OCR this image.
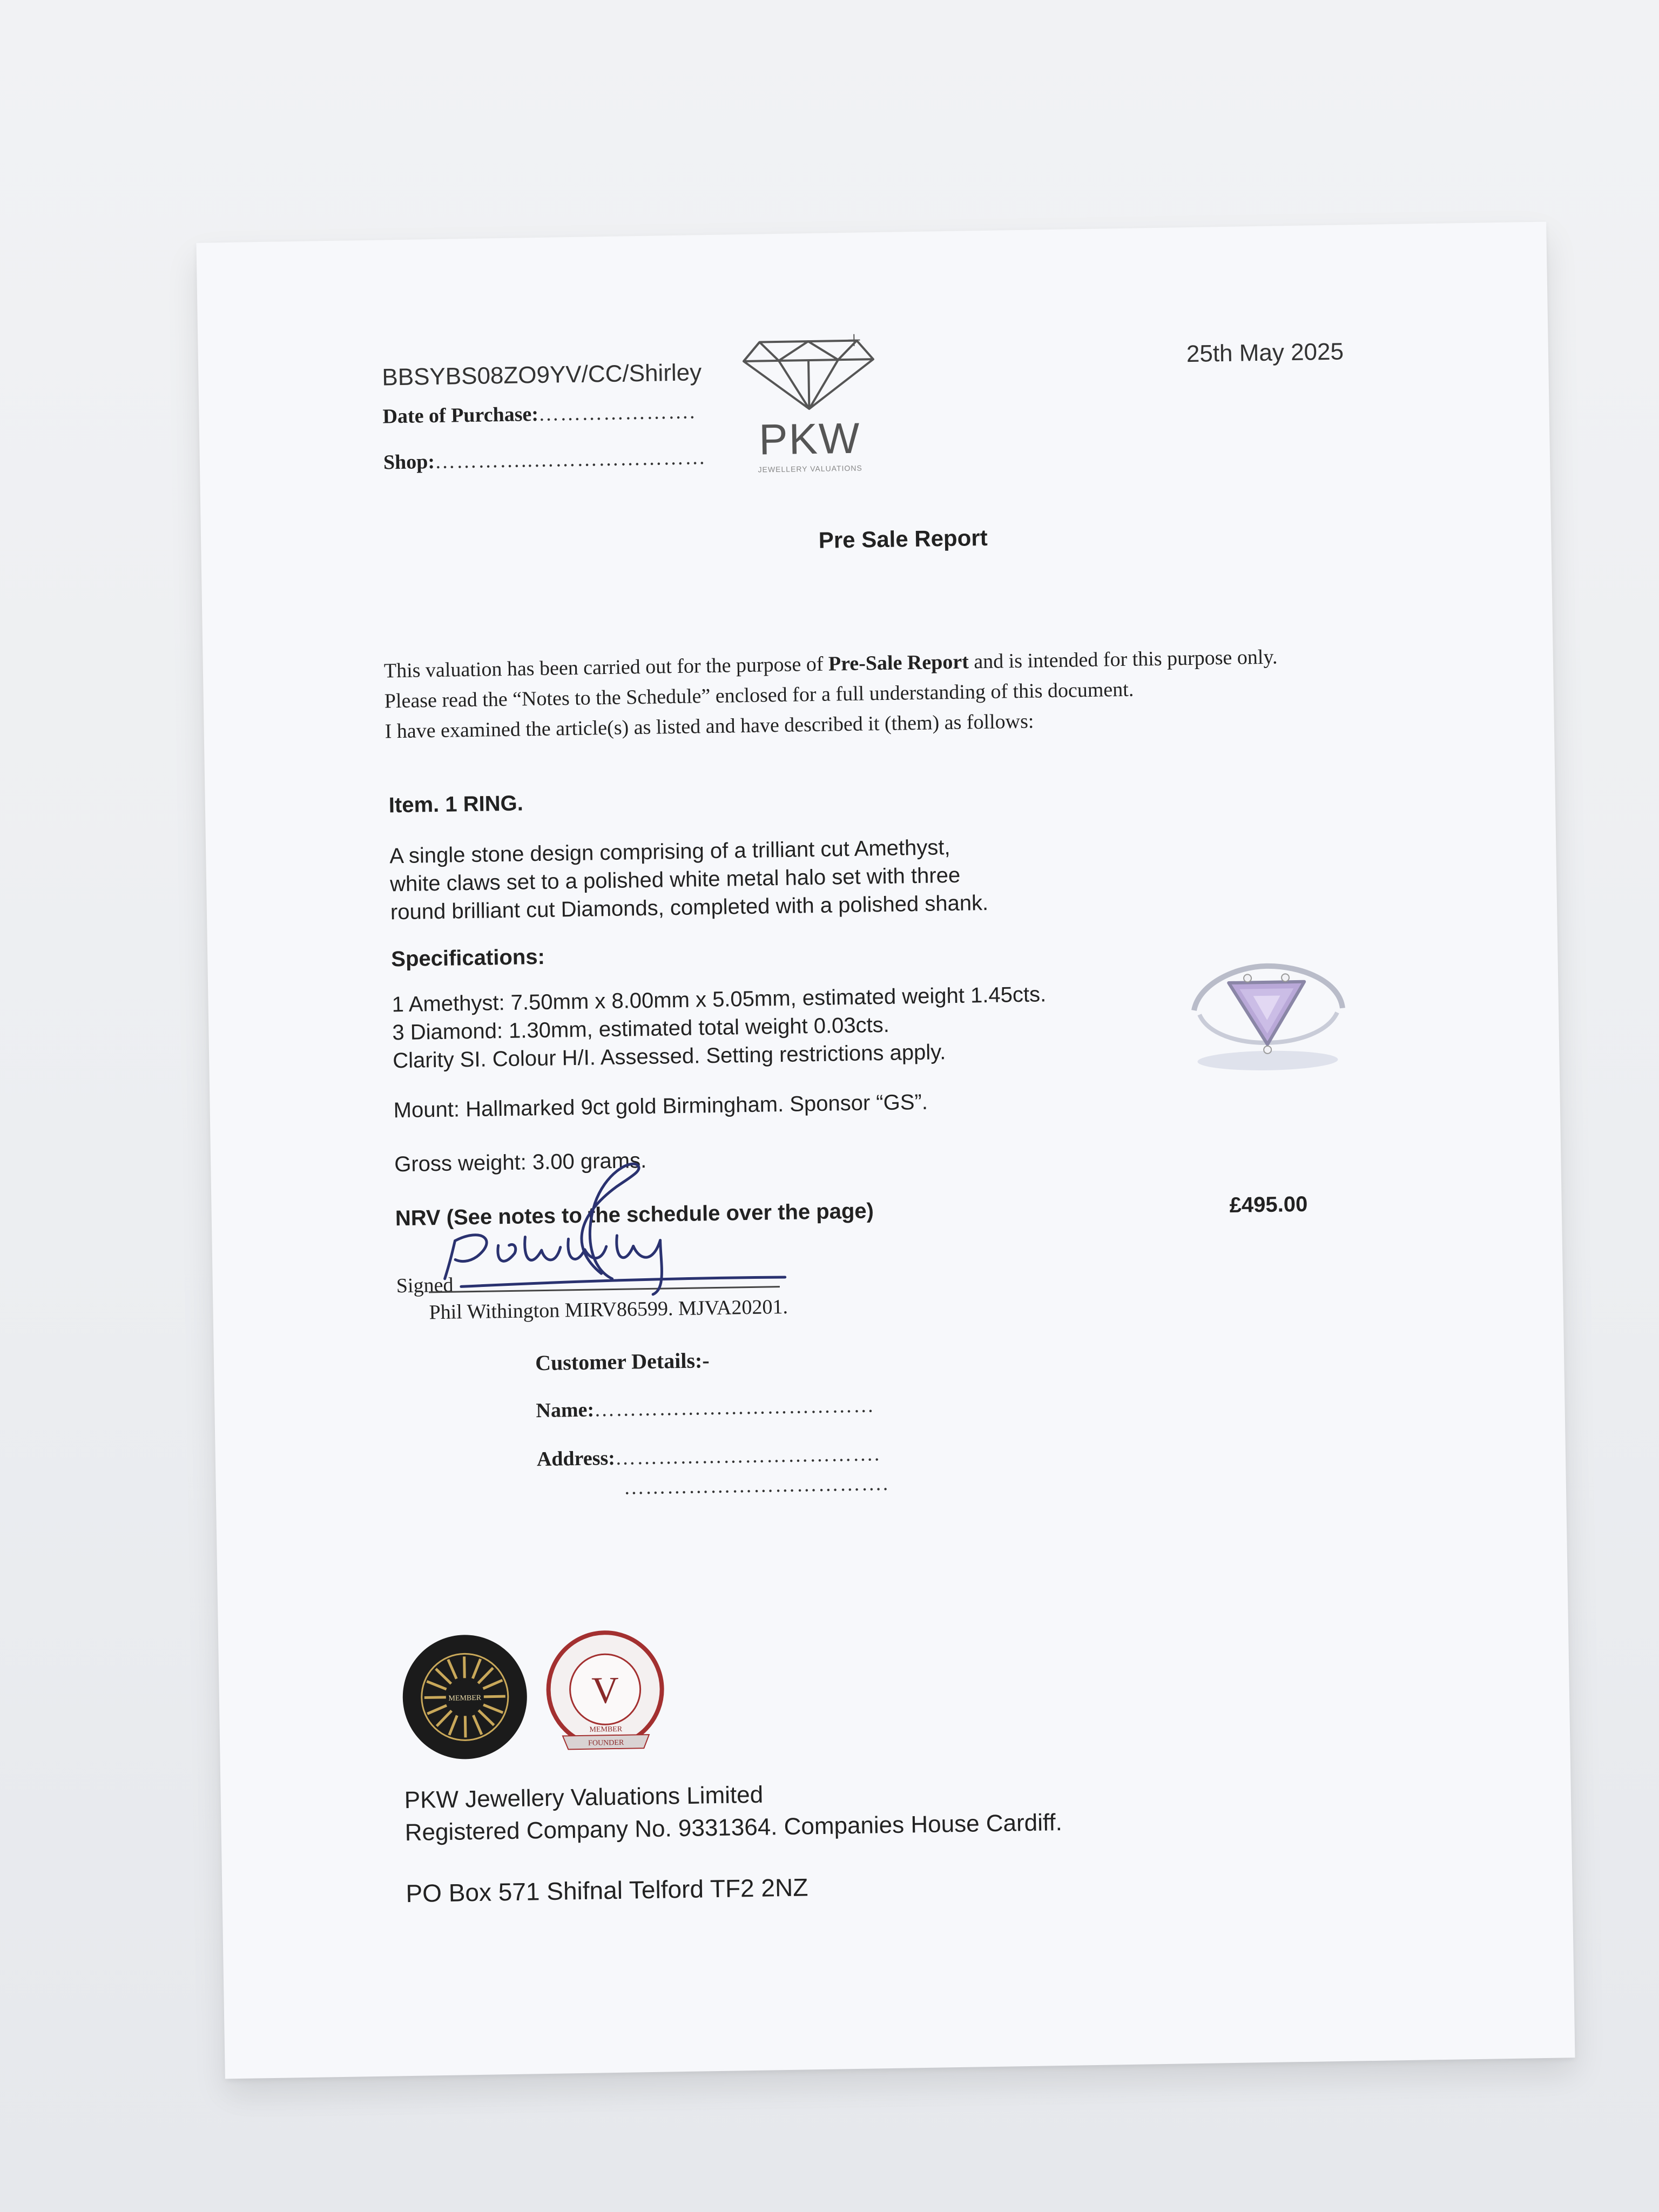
BBSYBS08ZO9YV/CC/Shirley
Date of Purchase:………………….
Shop:…………..……………………	PKW
JEWELLERY VALUATIONS
25th May 2025
Pre Sale Report
This valuation has been carried out for the purpose of Pre-Sale Report and is intended for this purpose only.
Please read the “Notes to the Schedule” enclosed for a full understanding of this document.
I have examined the article(s) as listed and have described it (them) as follows:
Item. 1 RING.
A single stone design comprising of a trilliant cut Amethyst,
white claws set to a polished white metal halo set with three
round brilliant cut Diamonds, completed with a polished shank.
Specifications:
1 Amethyst: 7.50mm x 8.00mm x 5.05mm, estimated weight 1.45cts.
3 Diamond: 1.30mm, estimated total weight 0.03cts.
Clarity SI. Colour H/I. Assessed. Setting restrictions apply.
Mount: Hallmarked 9ct gold Birmingham. Sponsor “GS”.
Gross weight: 3.00 grams.
NRV (See notes to the schedule over the page)	£495.00
Signed
Phil Withington MIRV86599. MJVA20201.
Customer Details:-
Name:…………………………………
Address:……………………………….
……………………………….
MEMBER	V
MEMBER
FOUNDER
PKW Jewellery Valuations Limited
Registered Company No. 9331364. Companies House Cardiff.
PO Box 571 Shifnal Telford TF2 2NZ
